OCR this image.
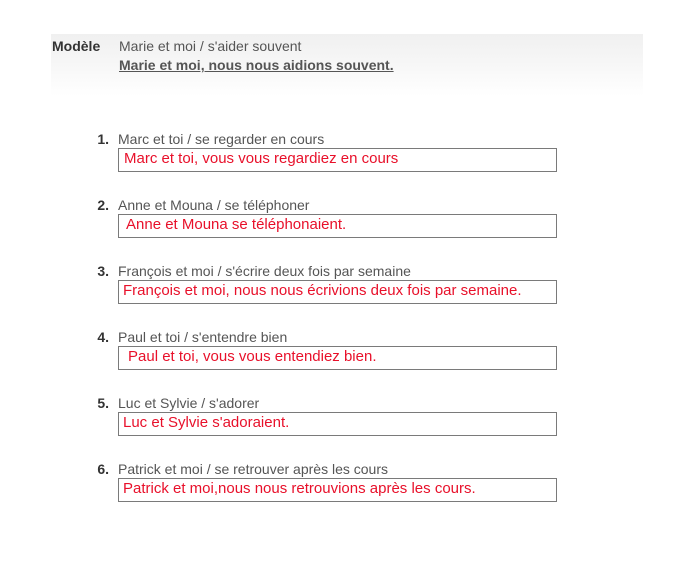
Modèle Marie et moi / s'aider souvent
Marie et moi, nous nous aidions souvent.
1. Marc et toi / se regarder en cours
Marc et toi, vous vous regardiez en cours
2. Anne et Mouna / se téléphoner
Anne et Mouna se téléphonaient.
3. François et moi / s'écrire deux fois par semaine
François et moi, nous nous écrivions deux fois par semaine.
4. Paul et toi / s'entendre bien
Paul et toi, vous vous entendiez bien.
5. Luc et Sylvie / s'adorer
Luc et Sylvie s'adoraient.
6. Patrick et moi / se retrouver après les cours
Patrick et moi,nous nous retrouvions après les cours.
